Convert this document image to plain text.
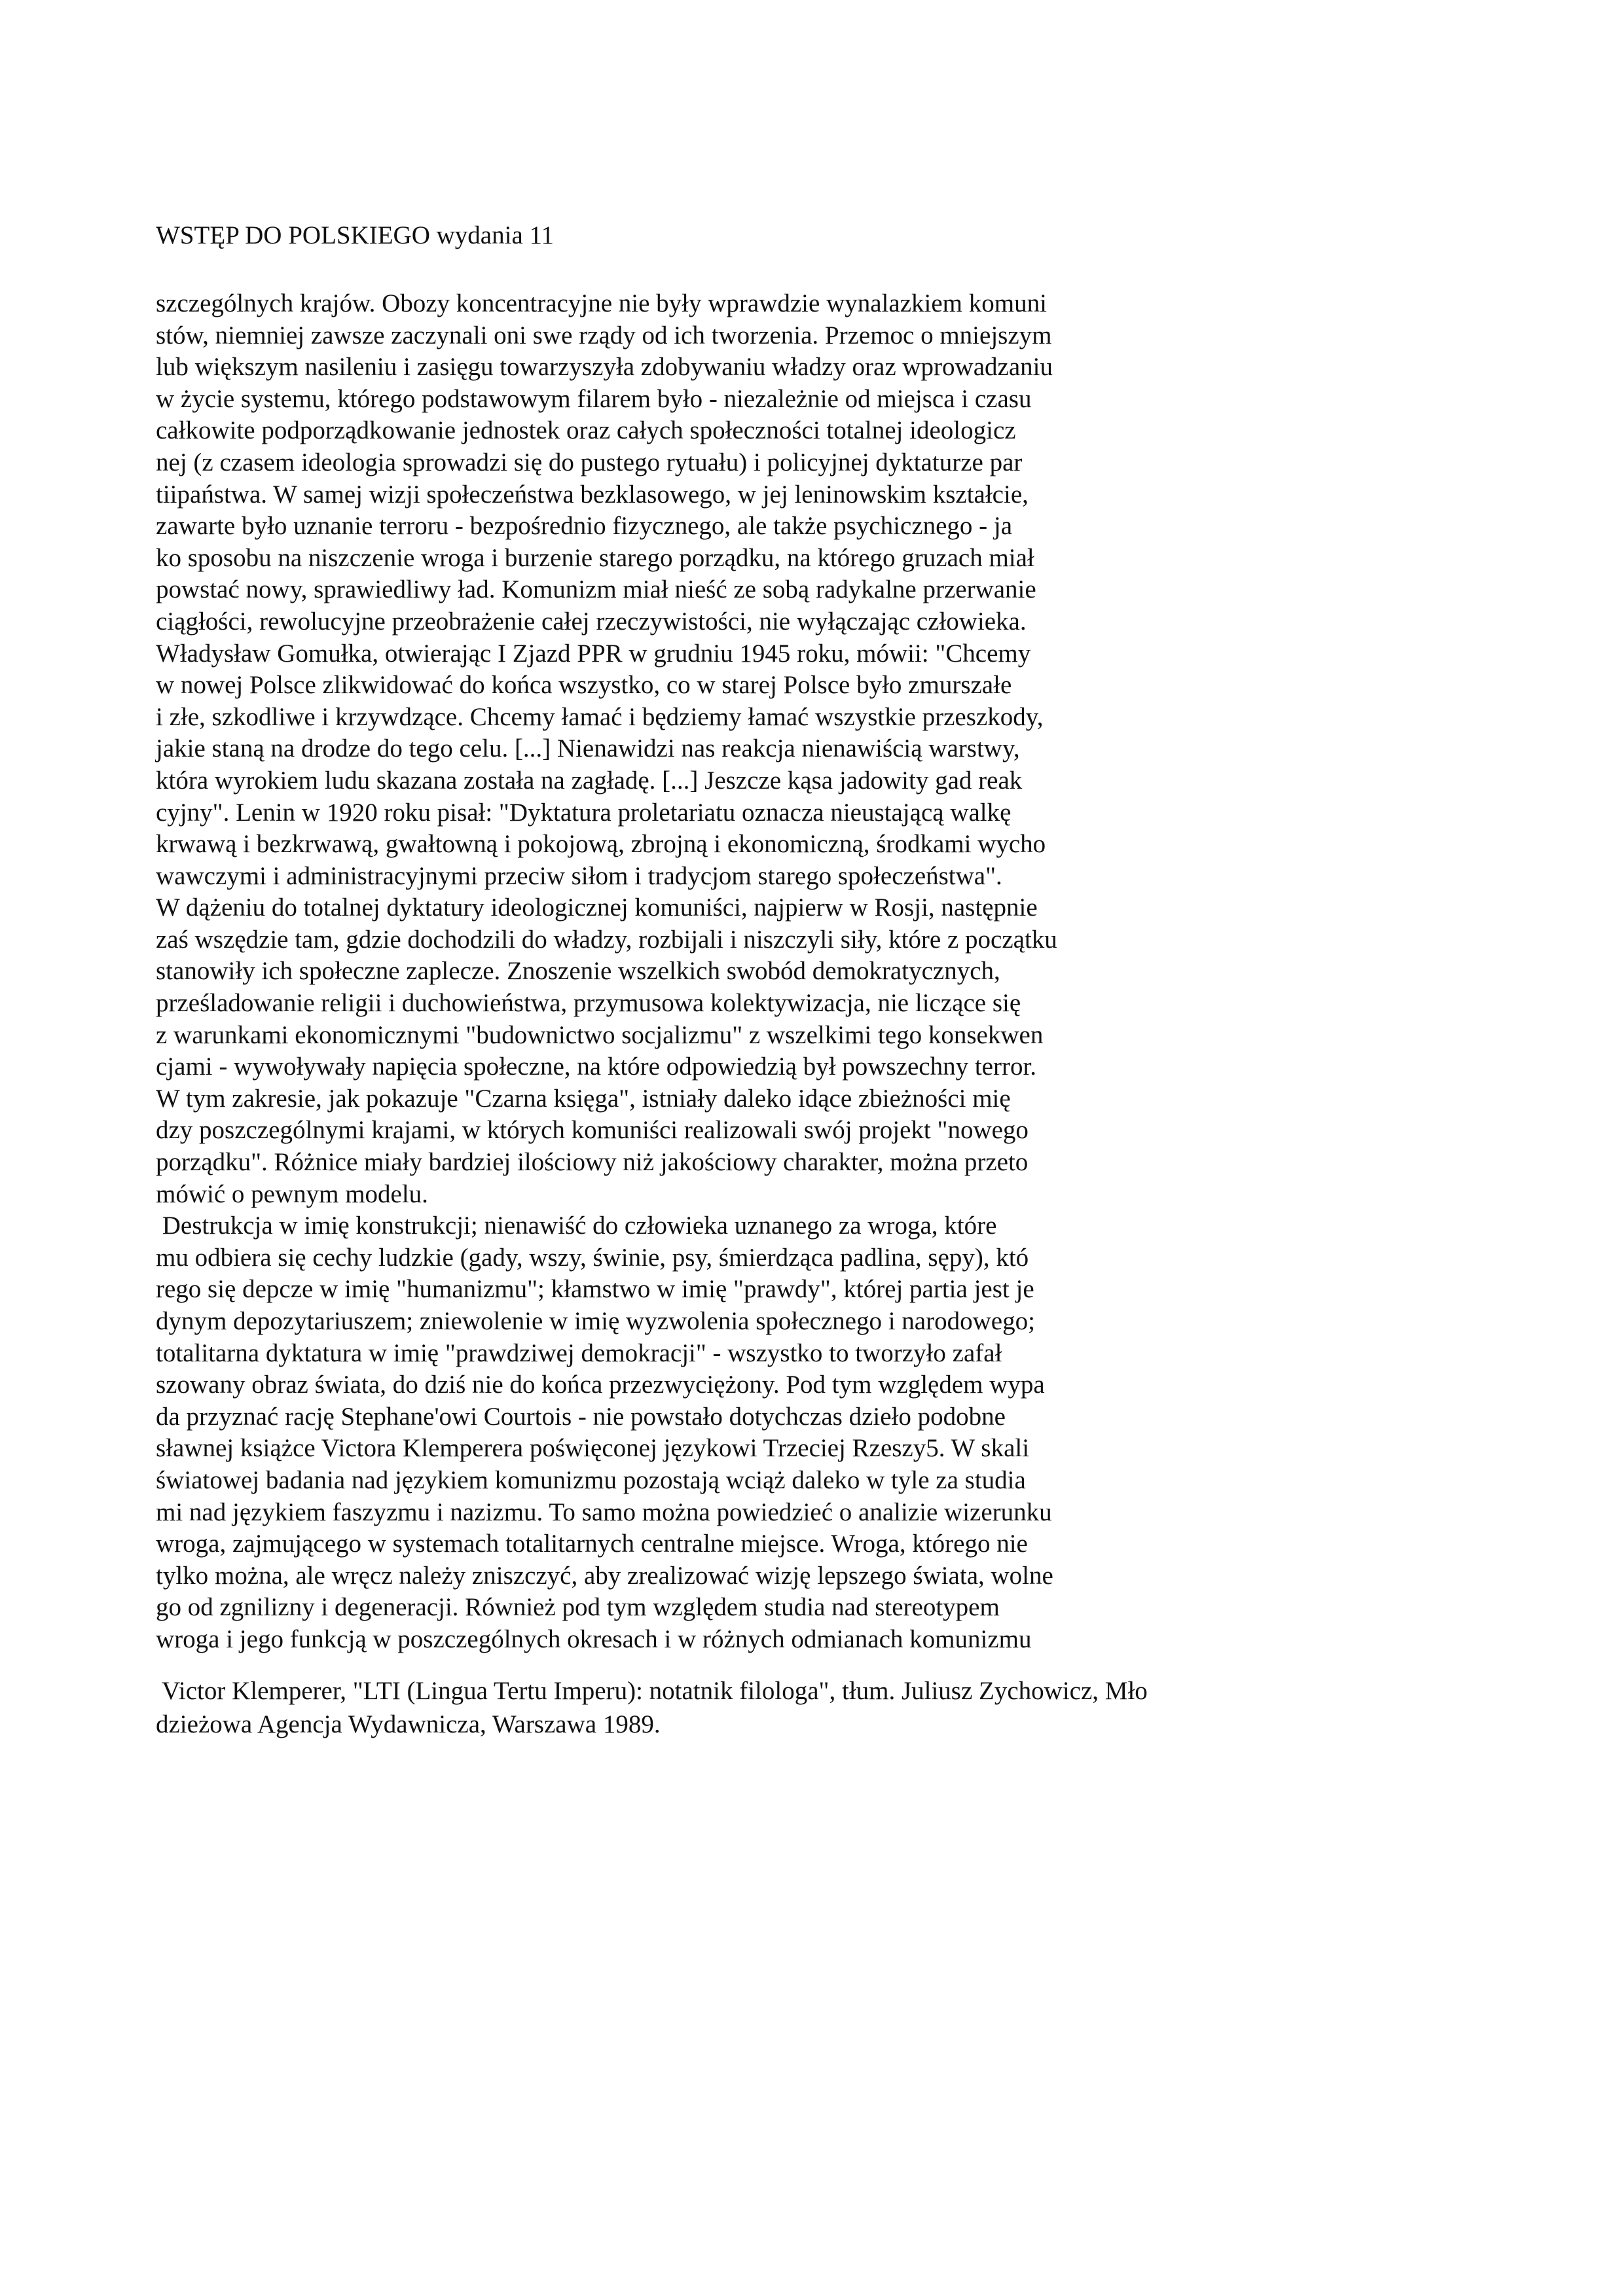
WSTĘP DO POLSKIEGO wydania 11
szczególnych krajów. Obozy koncentracyjne nie były wprawdzie wynalazkiem komuni
stów, niemniej zawsze zaczynali oni swe rządy od ich tworzenia. Przemoc o mniejszym
lub większym nasileniu i zasięgu towarzyszyła zdobywaniu władzy oraz wprowadzaniu
w życie systemu, którego podstawowym filarem było - niezależnie od miejsca i czasu
całkowite podporządkowanie jednostek oraz całych społeczności totalnej ideologicz
nej (z czasem ideologia sprowadzi się do pustego rytuału) i policyjnej dyktaturze par
tiipaństwa. W samej wizji społeczeństwa bezklasowego, w jej leninowskim kształcie,
zawarte było uznanie terroru - bezpośrednio fizycznego, ale także psychicznego - ja
ko sposobu na niszczenie wroga i burzenie starego porządku, na którego gruzach miał
powstać nowy, sprawiedliwy ład. Komunizm miał nieść ze sobą radykalne przerwanie
ciągłości, rewolucyjne przeobrażenie całej rzeczywistości, nie wyłączając człowieka.
Władysław Gomułka, otwierając I Zjazd PPR w grudniu 1945 roku, mówii: "Chcemy
w nowej Polsce zlikwidować do końca wszystko, co w starej Polsce było zmurszałe
i złe, szkodliwe i krzywdzące. Chcemy łamać i będziemy łamać wszystkie przeszkody,
jakie staną na drodze do tego celu. [...] Nienawidzi nas reakcja nienawiścią warstwy,
która wyrokiem ludu skazana została na zagładę. [...] Jeszcze kąsa jadowity gad reak
cyjny". Lenin w 1920 roku pisał: "Dyktatura proletariatu oznacza nieustającą walkę
krwawą i bezkrwawą, gwałtowną i pokojową, zbrojną i ekonomiczną, środkami wycho
wawczymi i administracyjnymi przeciw siłom i tradycjom starego społeczeństwa".
W dążeniu do totalnej dyktatury ideologicznej komuniści, najpierw w Rosji, następnie
zaś wszędzie tam, gdzie dochodzili do władzy, rozbijali i niszczyli siły, które z początku
stanowiły ich społeczne zaplecze. Znoszenie wszelkich swobód demokratycznych,
prześladowanie religii i duchowieństwa, przymusowa kolektywizacja, nie liczące się
z warunkami ekonomicznymi "budownictwo socjalizmu" z wszelkimi tego konsekwen
cjami - wywoływały napięcia społeczne, na które odpowiedzią był powszechny terror.
W tym zakresie, jak pokazuje "Czarna księga", istniały daleko idące zbieżności mię
dzy poszczególnymi krajami, w których komuniści realizowali swój projekt "nowego
porządku". Różnice miały bardziej ilościowy niż jakościowy charakter, można przeto
mówić o pewnym modelu.
Destrukcja w imię konstrukcji; nienawiść do człowieka uznanego za wroga, które
mu odbiera się cechy ludzkie (gady, wszy, świnie, psy, śmierdząca padlina, sępy), któ
rego się depcze w imię "humanizmu"; kłamstwo w imię "prawdy", której partia jest je
dynym depozytariuszem; zniewolenie w imię wyzwolenia społecznego i narodowego;
totalitarna dyktatura w imię "prawdziwej demokracji" - wszystko to tworzyło zafał
szowany obraz świata, do dziś nie do końca przezwyciężony. Pod tym względem wypa
da przyznać rację Stephane'owi Courtois - nie powstało dotychczas dzieło podobne
sławnej książce Victora Klemperera poświęconej językowi Trzeciej Rzeszy5. W skali
światowej badania nad językiem komunizmu pozostają wciąż daleko w tyle za studia
mi nad językiem faszyzmu i nazizmu. To samo można powiedzieć o analizie wizerunku
wroga, zajmującego w systemach totalitarnych centralne miejsce. Wroga, którego nie
tylko można, ale wręcz należy zniszczyć, aby zrealizować wizję lepszego świata, wolne
go od zgnilizny i degeneracji. Również pod tym względem studia nad stereotypem
wroga i jego funkcją w poszczególnych okresach i w różnych odmianach komunizmu
Victor Klemperer, "LTI (Lingua Tertu Imperu): notatnik filologa", tłum. Juliusz Zychowicz, Mło
dzieżowa Agencja Wydawnicza, Warszawa 1989.
